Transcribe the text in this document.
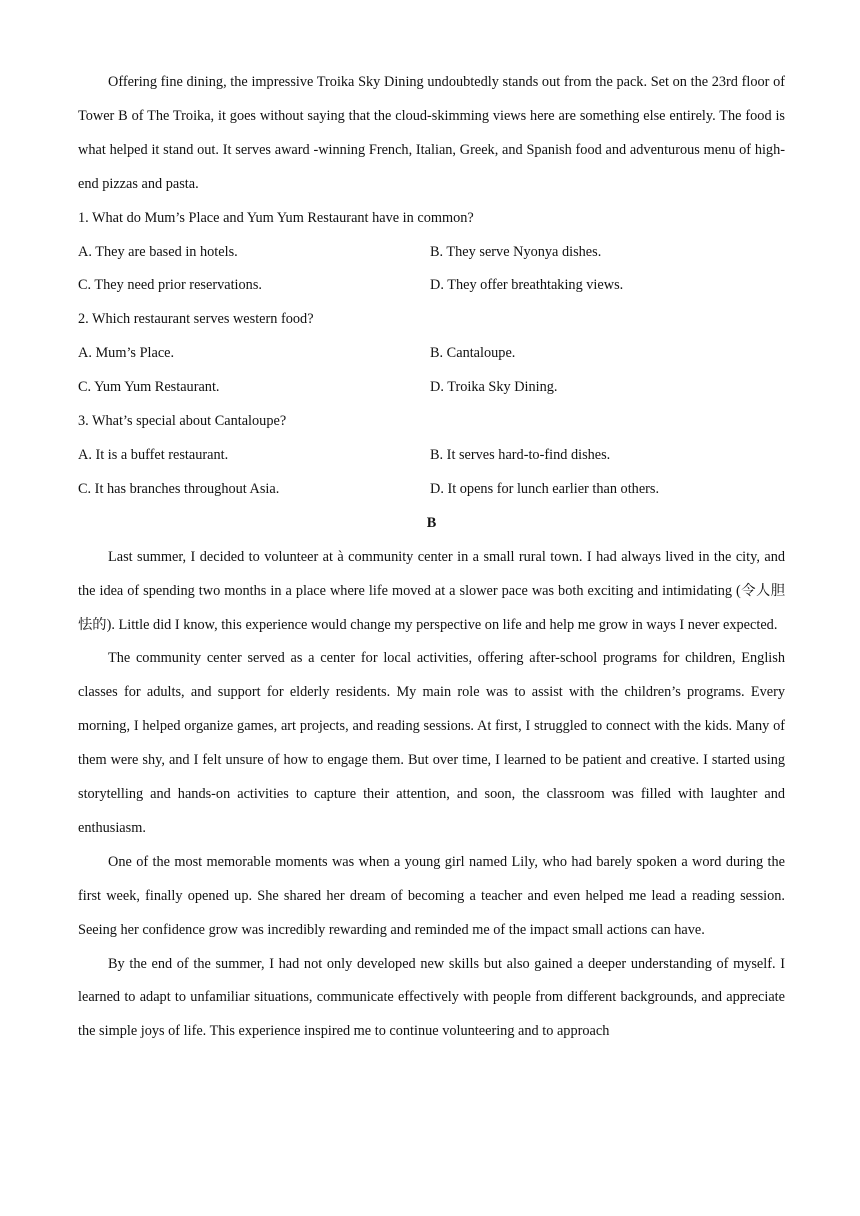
Offering fine dining, the impressive Troika Sky Dining undoubtedly stands out from the pack. Set on the 23rd floor of Tower B of The Troika, it goes without saying that the cloud-skimming views here are something else entirely. The food is what helped it stand out. It serves award -winning French, Italian, Greek, and Spanish food and adventurous menu of high- end pizzas and pasta.

1. What do Mum’s Place and Yum Yum Restaurant have in common?

A. They are based in hotels.	B. They serve Nyonya dishes.
C. They need prior reservations.	D. They offer breathtaking views.

2. Which restaurant serves western food?

A. Mum’s Place.	B. Cantaloupe.
C. Yum Yum Restaurant.	D. Troika Sky Dining.

3. What’s special about Cantaloupe?

A. It is a buffet restaurant.	B. It serves hard-to-find dishes.
C. It has branches throughout Asia.	D. It opens for lunch earlier than others.

B

Last summer, I decided to volunteer at à community center in a small rural town. I had always lived in the city, and the idea of spending two months in a place where life moved at a slower pace was both exciting and intimidating (令人胆怯的). Little did I know, this experience would change my perspective on life and help me grow in ways I never expected.

The community center served as a center for local activities, offering after-school programs for children, English classes for adults, and support for elderly residents. My main role was to assist with the children’s programs. Every morning, I helped organize games, art projects, and reading sessions. At first, I struggled to connect with the kids. Many of them were shy, and I felt unsure of how to engage them. But over time, I learned to be patient and creative. I started using storytelling and hands-on activities to capture their attention, and soon, the classroom was filled with laughter and enthusiasm.

One of the most memorable moments was when a young girl named Lily, who had barely spoken a word during the first week, finally opened up. She shared her dream of becoming a teacher and even helped me lead a reading session. Seeing her confidence grow was incredibly rewarding and reminded me of the impact small actions can have.

By the end of the summer, I had not only developed new skills but also gained a deeper understanding of myself. I learned to adapt to unfamiliar situations, communicate effectively with people from different backgrounds, and appreciate the simple joys of life. This experience inspired me to continue volunteering and to approach
